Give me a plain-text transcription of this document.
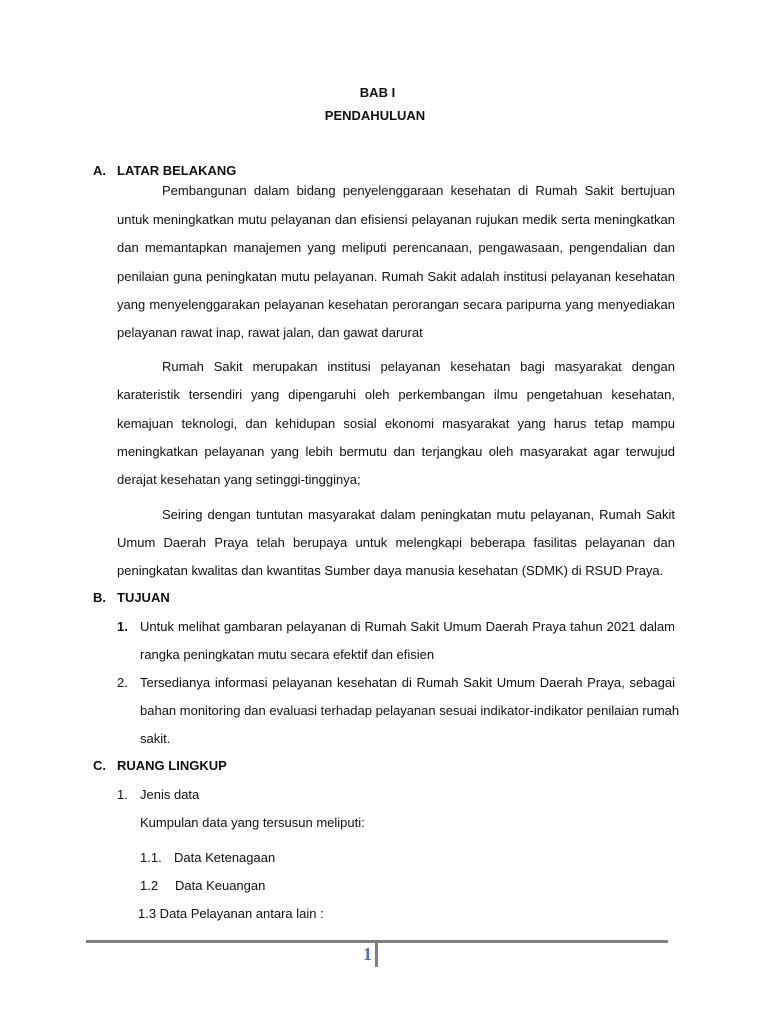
BAB I
PENDAHULUAN
A. LATAR BELAKANG
Pembangunan dalam bidang penyelenggaraan kesehatan di Rumah Sakit bertujuan
untuk meningkatkan mutu pelayanan dan efisiensi pelayanan rujukan medik serta meningkatkan
dan memantapkan manajemen yang meliputi perencanaan, pengawasaan, pengendalian dan
penilaian guna peningkatan mutu pelayanan. Rumah Sakit adalah institusi pelayanan kesehatan
yang menyelenggarakan pelayanan kesehatan perorangan secara paripurna yang menyediakan
pelayanan rawat inap, rawat jalan, dan gawat darurat
Rumah Sakit merupakan institusi pelayanan kesehatan bagi masyarakat dengan
karateristik tersendiri yang dipengaruhi oleh perkembangan ilmu pengetahuan kesehatan,
kemajuan teknologi, dan kehidupan sosial ekonomi masyarakat yang harus tetap mampu
meningkatkan pelayanan yang lebih bermutu dan terjangkau oleh masyarakat agar terwujud
derajat kesehatan yang setinggi-tingginya;
Seiring dengan tuntutan masyarakat dalam peningkatan mutu pelayanan, Rumah Sakit
Umum Daerah Praya telah berupaya untuk melengkapi beberapa fasilitas pelayanan dan
peningkatan kwalitas dan kwantitas Sumber daya manusia kesehatan (SDMK) di RSUD Praya.
B. TUJUAN
1. Untuk melihat gambaran pelayanan di Rumah Sakit Umum Daerah Praya tahun 2021 dalam
rangka peningkatan mutu secara efektif dan efisien
2. Tersedianya informasi pelayanan kesehatan di Rumah Sakit Umum Daerah Praya, sebagai
bahan monitoring dan evaluasi terhadap pelayanan sesuai indikator-indikator penilaian rumah
sakit.
C. RUANG LINGKUP
1. Jenis data
Kumpulan data yang tersusun meliputi:
1.1. Data Ketenagaan
1.2 Data Keuangan
1.3 Data Pelayanan antara lain :
1
